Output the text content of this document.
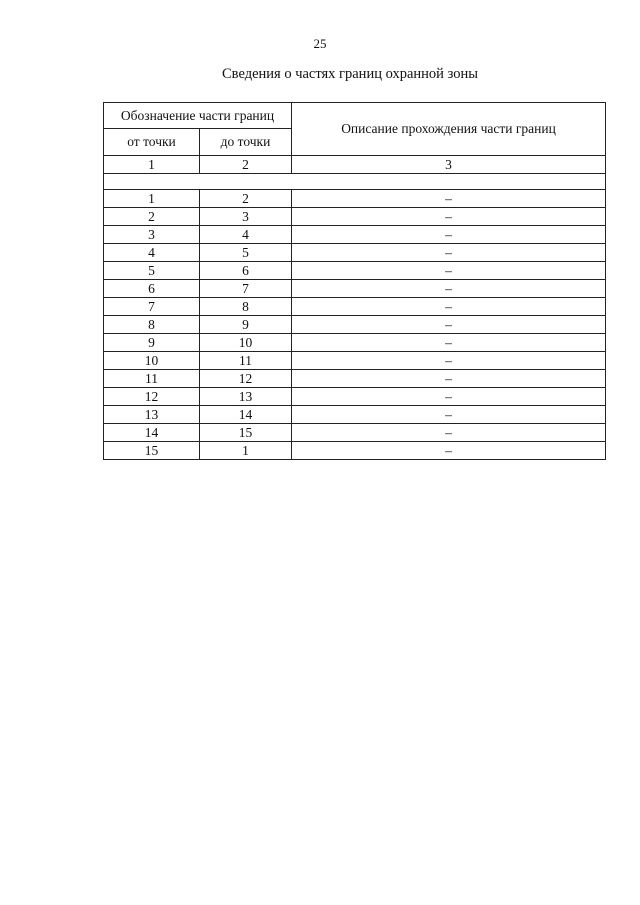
25
Сведения о частях границ охранной зоны
Обозначение части границ		Описание прохождения части границ
от точки	до точки	
1	2	3

1	2	–
2	3	–
3	4	–
4	5	–
5	6	–
6	7	–
7	8	–
8	9	–
9	10	–
10	11	–
11	12	–
12	13	–
13	14	–
14	15	–
15	1	–
